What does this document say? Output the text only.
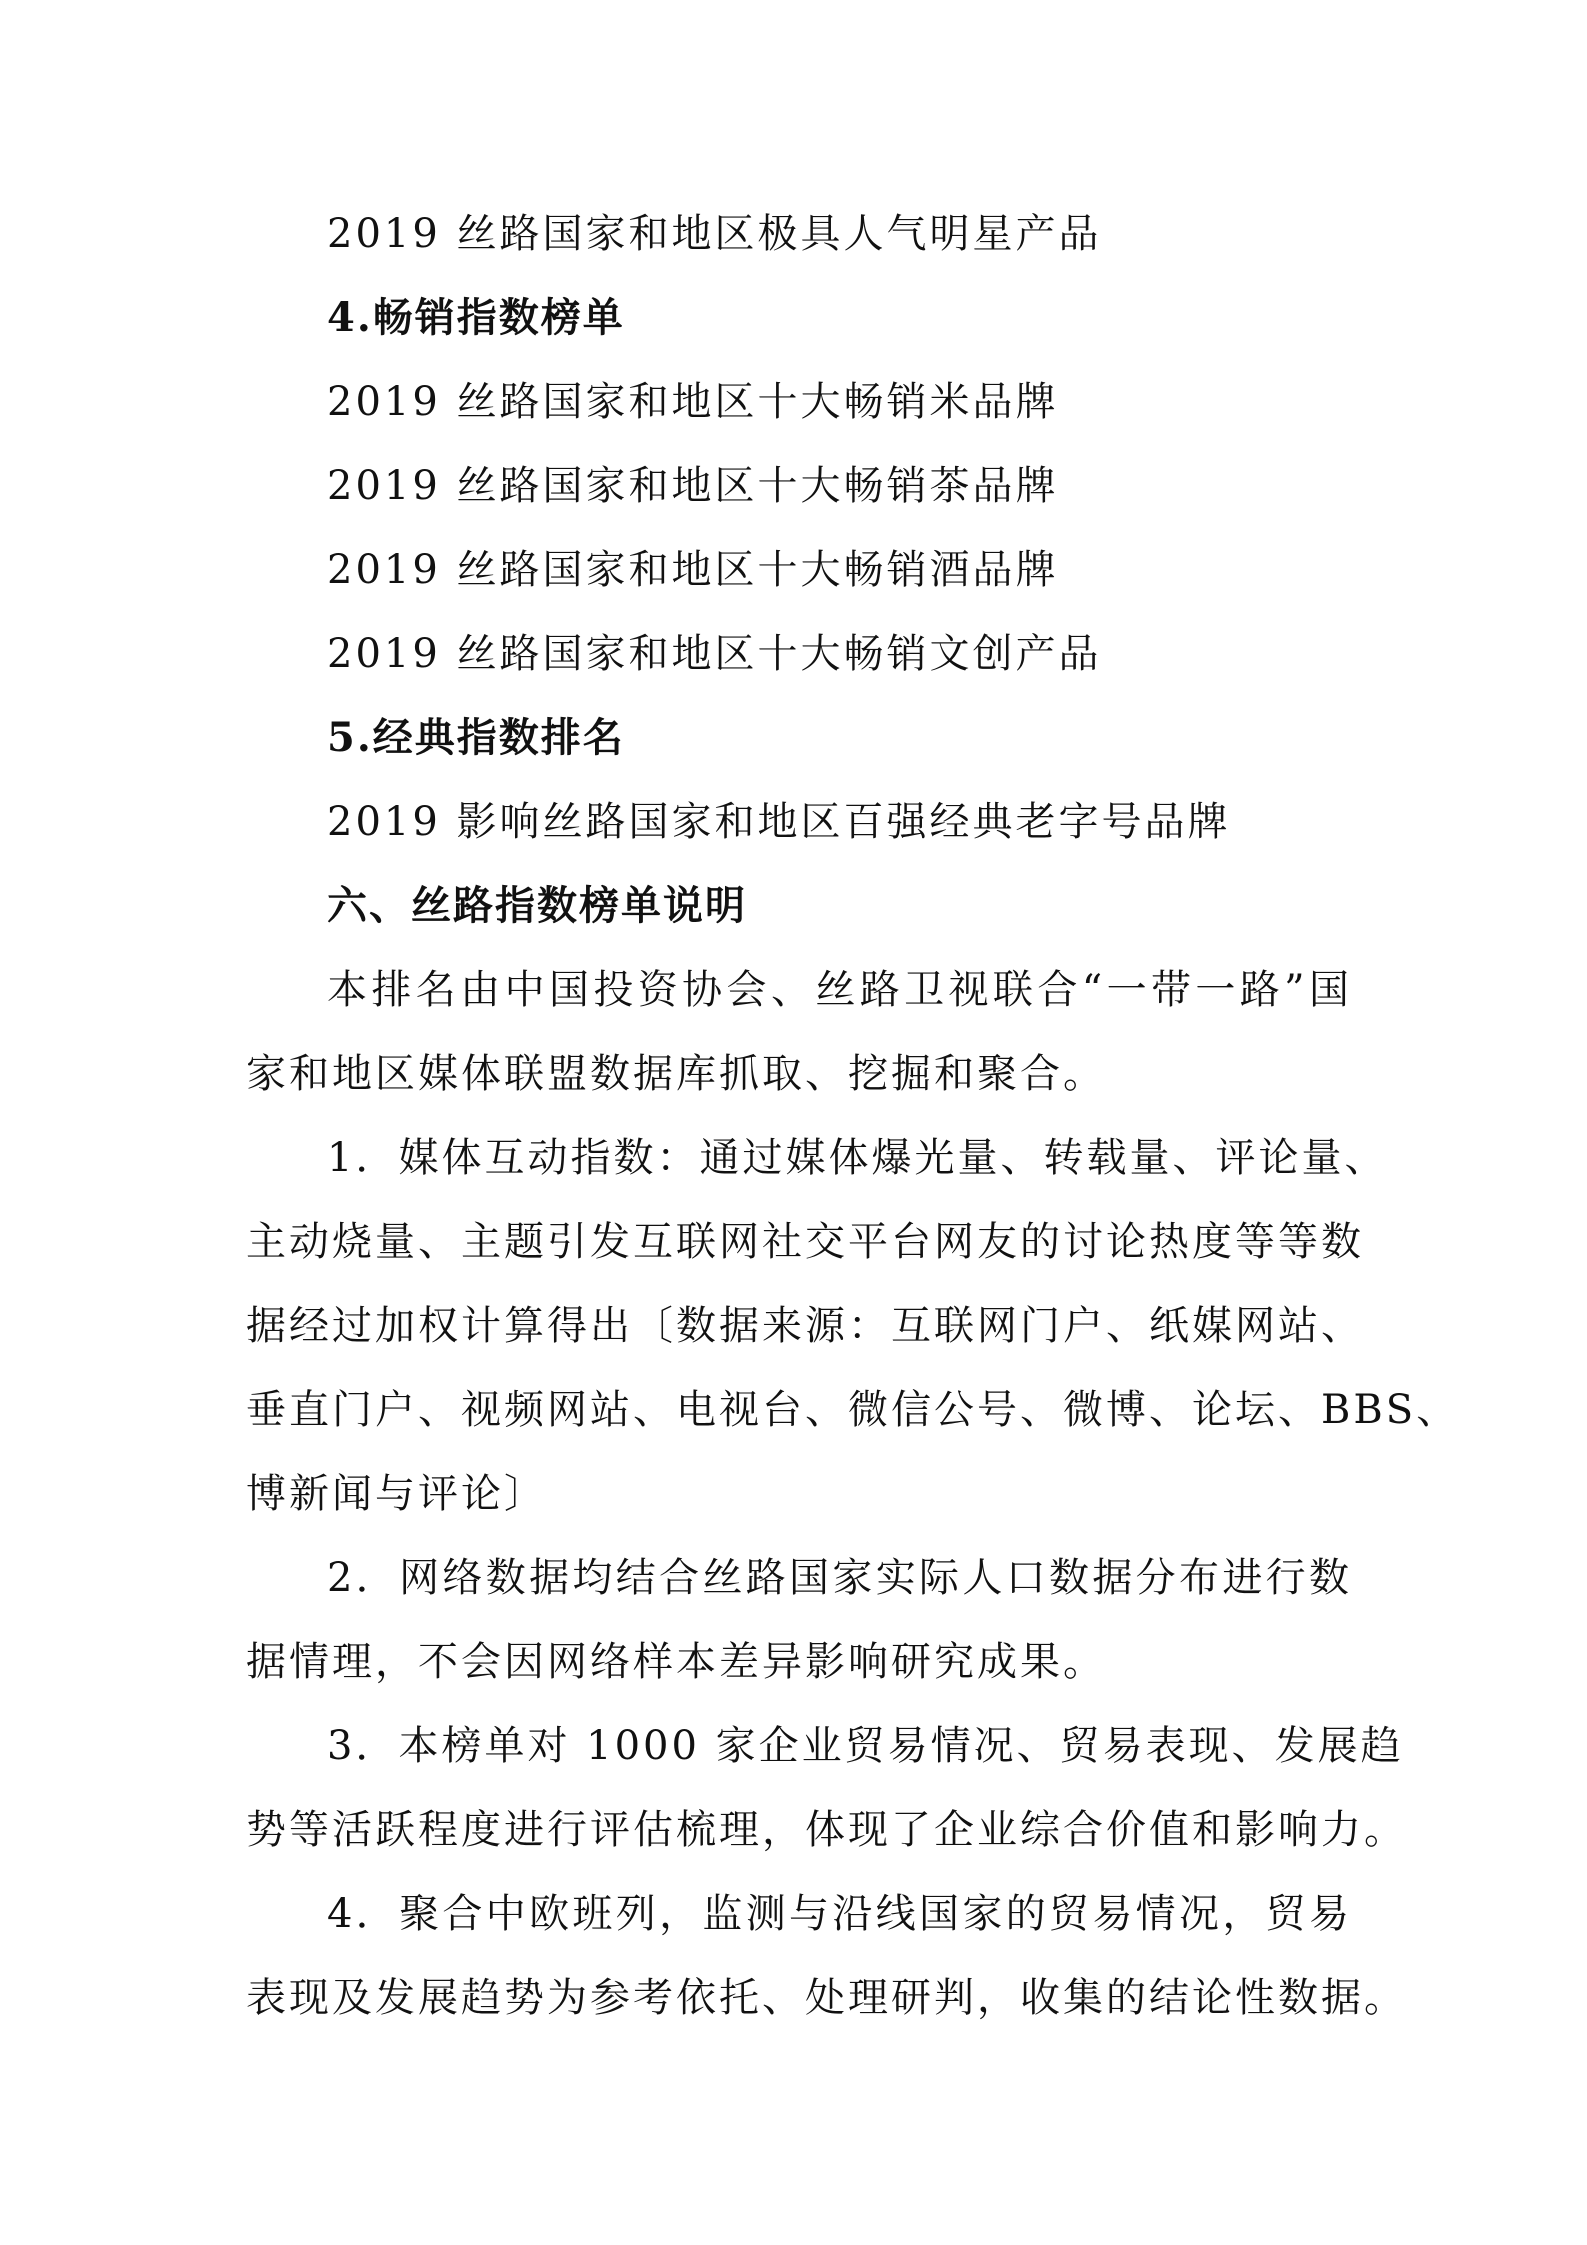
2019 丝路国家和地区极具人气明星产品
4.畅销指数榜单
2019 丝路国家和地区十大畅销米品牌
2019 丝路国家和地区十大畅销茶品牌
2019 丝路国家和地区十大畅销酒品牌
2019 丝路国家和地区十大畅销文创产品
5.经典指数排名
2019 影响丝路国家和地区百强经典老字号品牌
六、丝路指数榜单说明
本排名由中国投资协会、丝路卫视联合“一带一路”国
家和地区媒体联盟数据库抓取、挖掘和聚合。
1．媒体互动指数：通过媒体爆光量、转载量、评论量、
主动烧量、主题引发互联网社交平台网友的讨论热度等等数
据经过加权计算得出〔数据来源：互联网门户、纸媒网站、
垂直门户、视频网站、电视台、微信公号、微博、论坛、BBS、
博新闻与评论〕
2．网络数据均结合丝路国家实际人口数据分布进行数
据情理，不会因网络样本差异影响研究成果。
3．本榜单对 1000 家企业贸易情况、贸易表现、发展趋
势等活跃程度进行评估梳理，体现了企业综合价值和影响力。
4．聚合中欧班列，监测与沿线国家的贸易情况，贸易
表现及发展趋势为参考依托、处理研判，收集的结论性数据。
